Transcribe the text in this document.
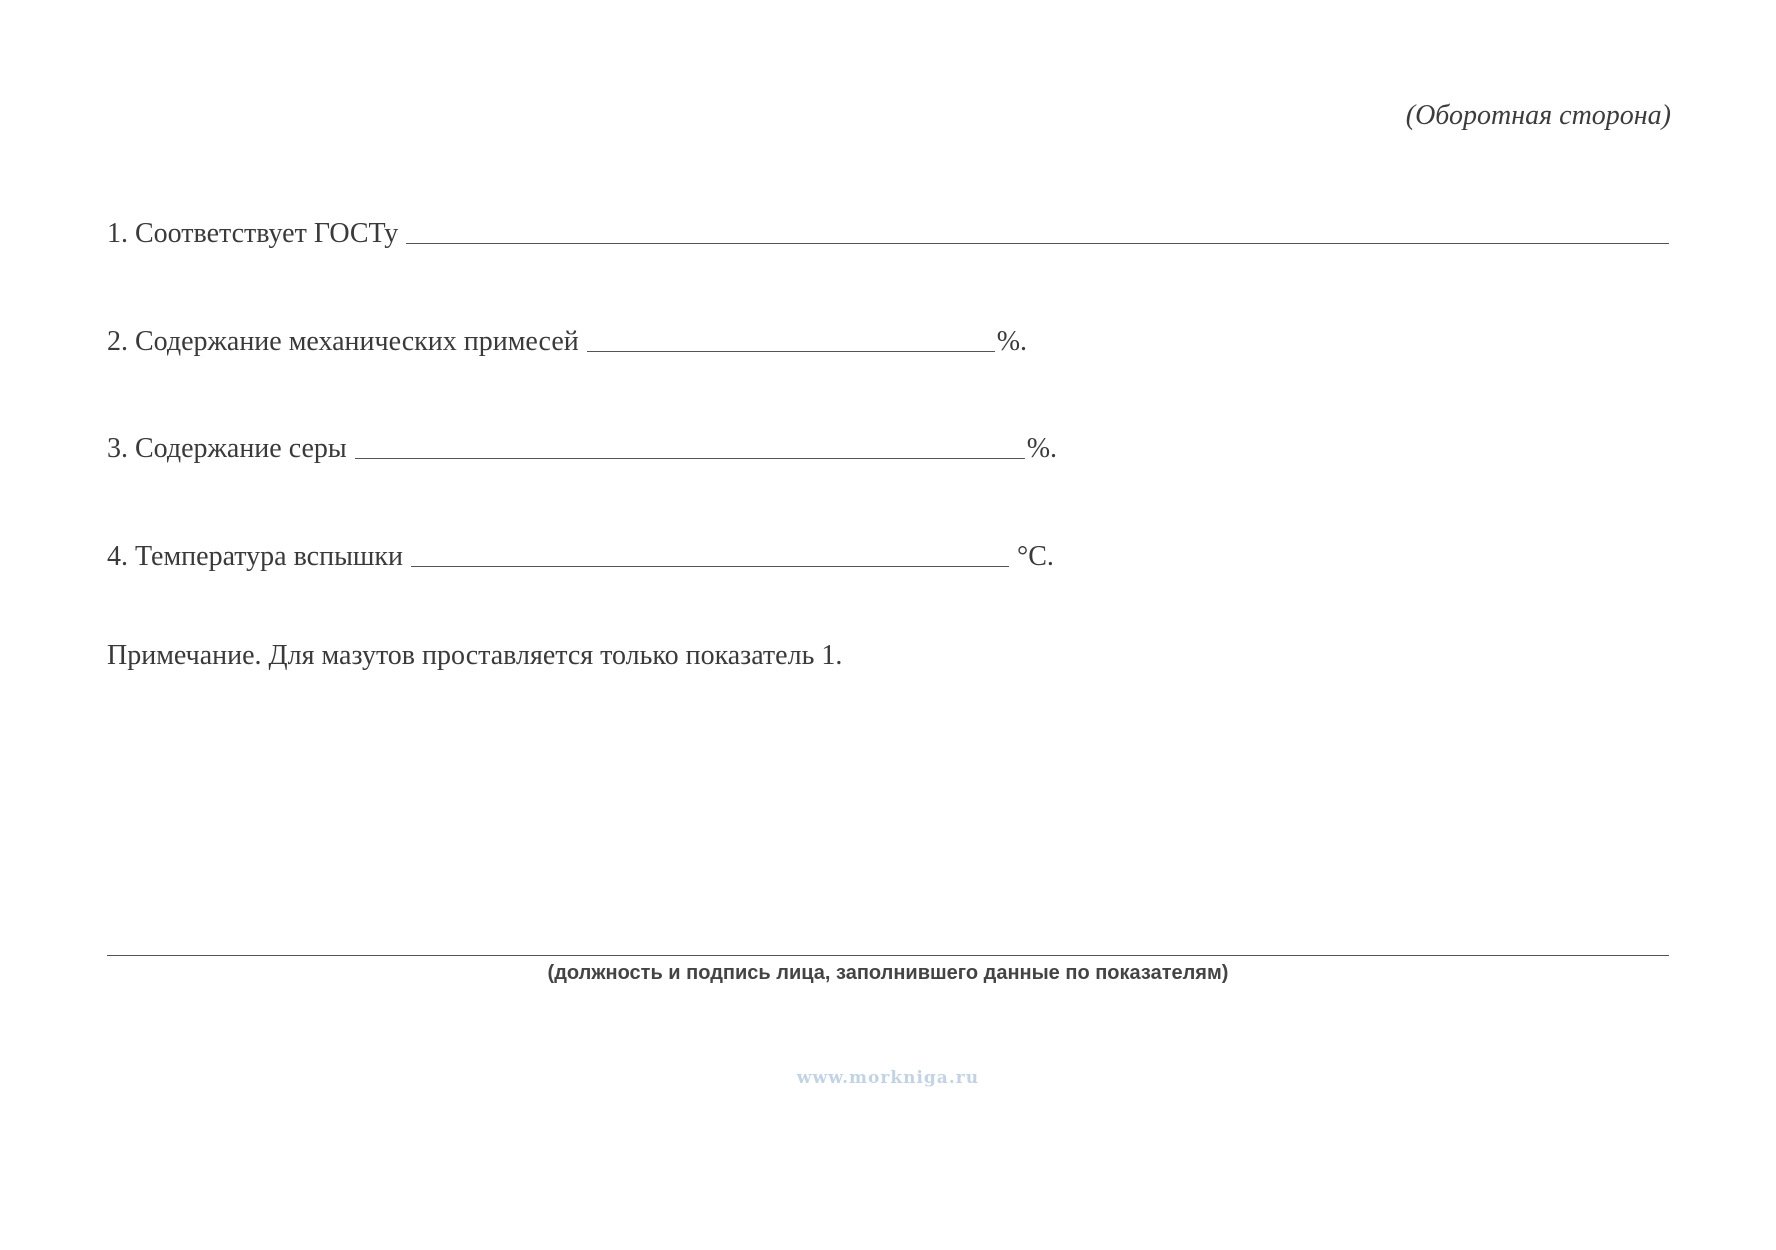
(Оборотная сторона)
1. Соответствует ГОСТу
2. Содержание механических примесей	%.
3. Содержание серы	%.
4. Температура вспышки	°С.
Примечание. Для мазутов проставляется только показатель 1.
(должность и подпись лица, заполнившего данные по показателям)
www.morkniga.ru
